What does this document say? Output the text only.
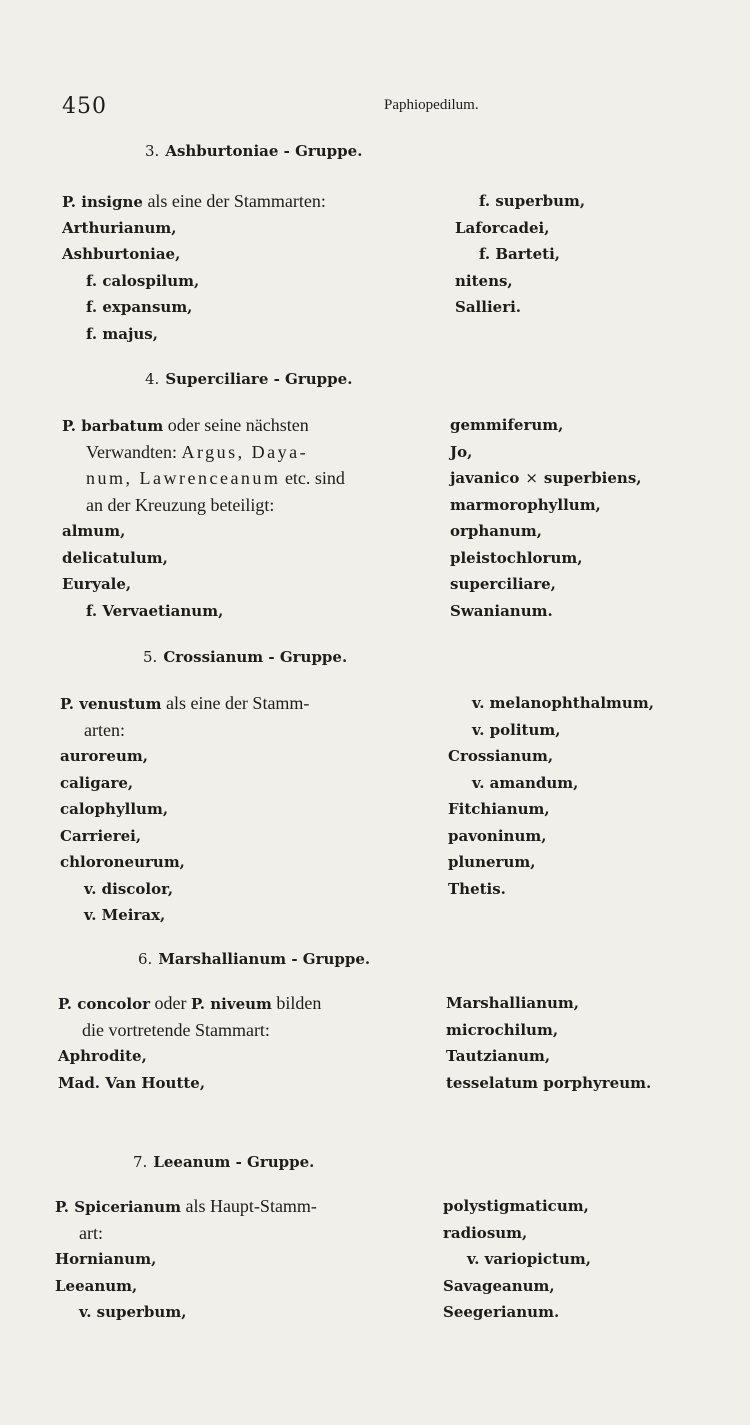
450	Paphiopedilum.
3. Ashburtoniae - Gruppe.
P. insigne als eine der Stammarten:
Arthurianum,
Ashburtoniae,
f. calospilum,
f. expansum,
f. majus,
f. superbum,
Laforcadei,
f. Barteti,
nitens,
Sallieri.
4. Superciliare - Gruppe.
P. barbatum oder seine nächsten
Verwandten: Argus, Daya-
num, Lawrenceanum etc. sind
an der Kreuzung beteiligt:
almum,
delicatulum,
Euryale,
f. Vervaetianum,
gemmiferum,
Jo,
javanico × superbiens,
marmorophyllum,
orphanum,
pleistochlorum,
superciliare,
Swanianum.
5. Crossianum - Gruppe.
P. venustum als eine der Stamm-
arten:
auroreum,
caligare,
calophyllum,
Carrierei,
chloroneurum,
v. discolor,
v. Meirax,
v. melanophthalmum,
v. politum,
Crossianum,
v. amandum,
Fitchianum,
pavoninum,
plunerum,
Thetis.
6. Marshallianum - Gruppe.
P. concolor oder P. niveum bilden
die vortretende Stammart:
Aphrodite,
Mad. Van Houtte,
Marshallianum,
microchilum,
Tautzianum,
tesselatum porphyreum.
7. Leeanum - Gruppe.
P. Spicerianum als Haupt-Stamm-
art:
Hornianum,
Leeanum,
v. superbum,
polystigmaticum,
radiosum,
v. variopictum,
Savageanum,
Seegerianum.
